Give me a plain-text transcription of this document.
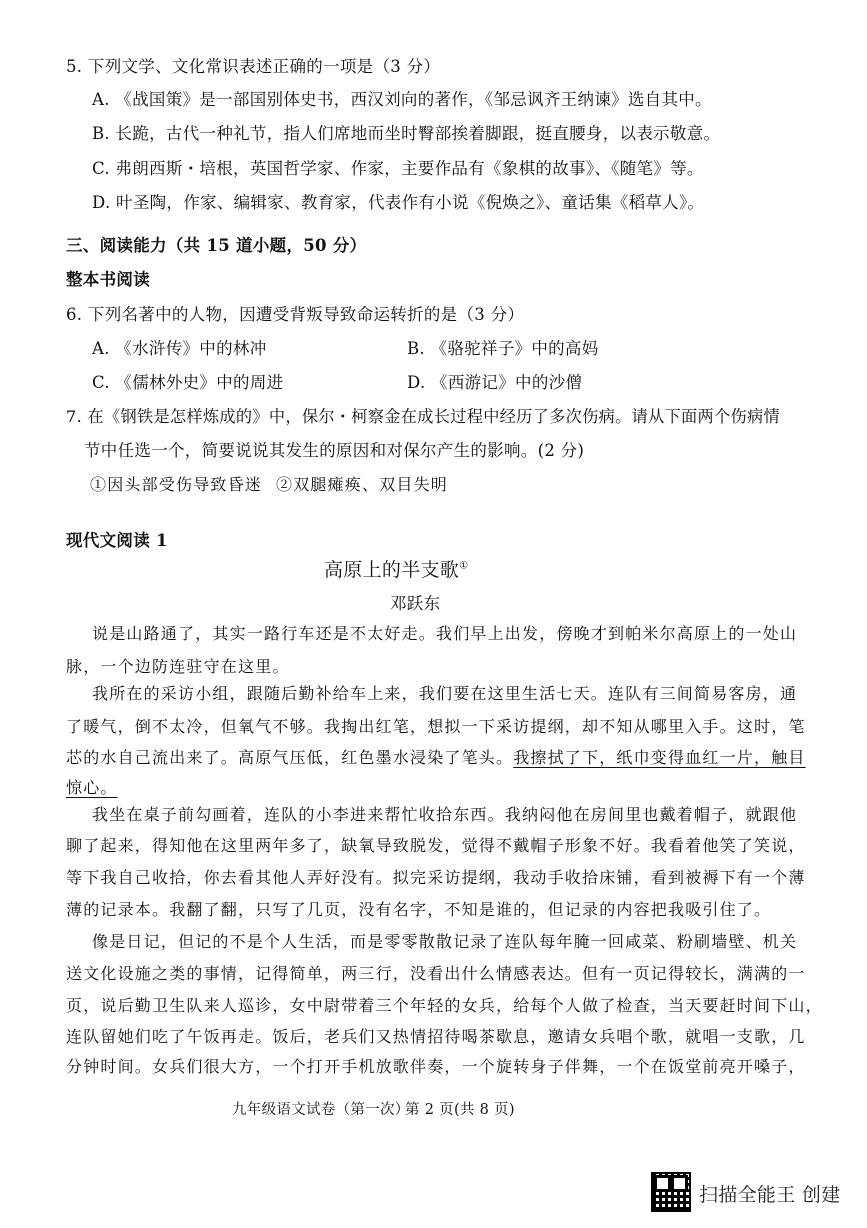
5. 下列文学、文化常识表述正确的一项是（3 分）
A. 《战国策》是一部国别体史书，西汉刘向的著作，《邹忌讽齐王纳谏》选自其中。
B. 长跪，古代一种礼节，指人们席地而坐时臀部挨着脚跟，挺直腰身，以表示敬意。
C. 弗朗西斯・培根，英国哲学家、作家，主要作品有《象棋的故事》、《随笔》等。
D. 叶圣陶，作家、编辑家、教育家，代表作有小说《倪焕之》、童话集《稻草人》。
三、阅读能力（共 15 道小题，50 分）
整本书阅读
6. 下列名著中的人物，因遭受背叛导致命运转折的是（3 分）
A. 《水浒传》中的林冲	B. 《骆驼祥子》中的高妈
C. 《儒林外史》中的周进	D. 《西游记》中的沙僧
7. 在《钢铁是怎样炼成的》中，保尔・柯察金在成长过程中经历了多次伤病。请从下面两个伤病情
节中任选一个，简要说说其发生的原因和对保尔产生的影响。(2 分)
①因头部受伤导致昏迷 ②双腿瘫痪、双目失明
现代文阅读 1
高原上的半支歌①
邓跃东
说是山路通了，其实一路行车还是不太好走。我们早上出发，傍晚才到帕米尔高原上的一处山
脉，一个边防连驻守在这里。
我所在的采访小组，跟随后勤补给车上来，我们要在这里生活七天。连队有三间简易客房，通
了暖气，倒不太冷，但氧气不够。我掏出红笔，想拟一下采访提纲，却不知从哪里入手。这时，笔
芯的水自己流出来了。高原气压低，红色墨水浸染了笔头。我擦拭了下，纸巾变得血红一片，触目
惊心。
我坐在桌子前勾画着，连队的小李进来帮忙收拾东西。我纳闷他在房间里也戴着帽子，就跟他
聊了起来，得知他在这里两年多了，缺氧导致脱发，觉得不戴帽子形象不好。我看着他笑了笑说，
等下我自己收拾，你去看其他人弄好没有。拟完采访提纲，我动手收拾床铺，看到被褥下有一个薄
薄的记录本。我翻了翻，只写了几页，没有名字，不知是谁的，但记录的内容把我吸引住了。
像是日记，但记的不是个人生活，而是零零散散记录了连队每年腌一回咸菜、粉刷墙壁、机关
送文化设施之类的事情，记得简单，两三行，没看出什么情感表达。但有一页记得较长，满满的一
页，说后勤卫生队来人巡诊，女中尉带着三个年轻的女兵，给每个人做了检查，当天要赶时间下山，
连队留她们吃了午饭再走。饭后，老兵们又热情招待喝茶歇息，邀请女兵唱个歌，就唱一支歌，几
分钟时间。女兵们很大方，一个打开手机放歌伴奏，一个旋转身子伴舞，一个在饭堂前亮开嗓子，
九年级语文试卷（第一次）
第 2 页(共 8 页)
扫描全能王 创建
